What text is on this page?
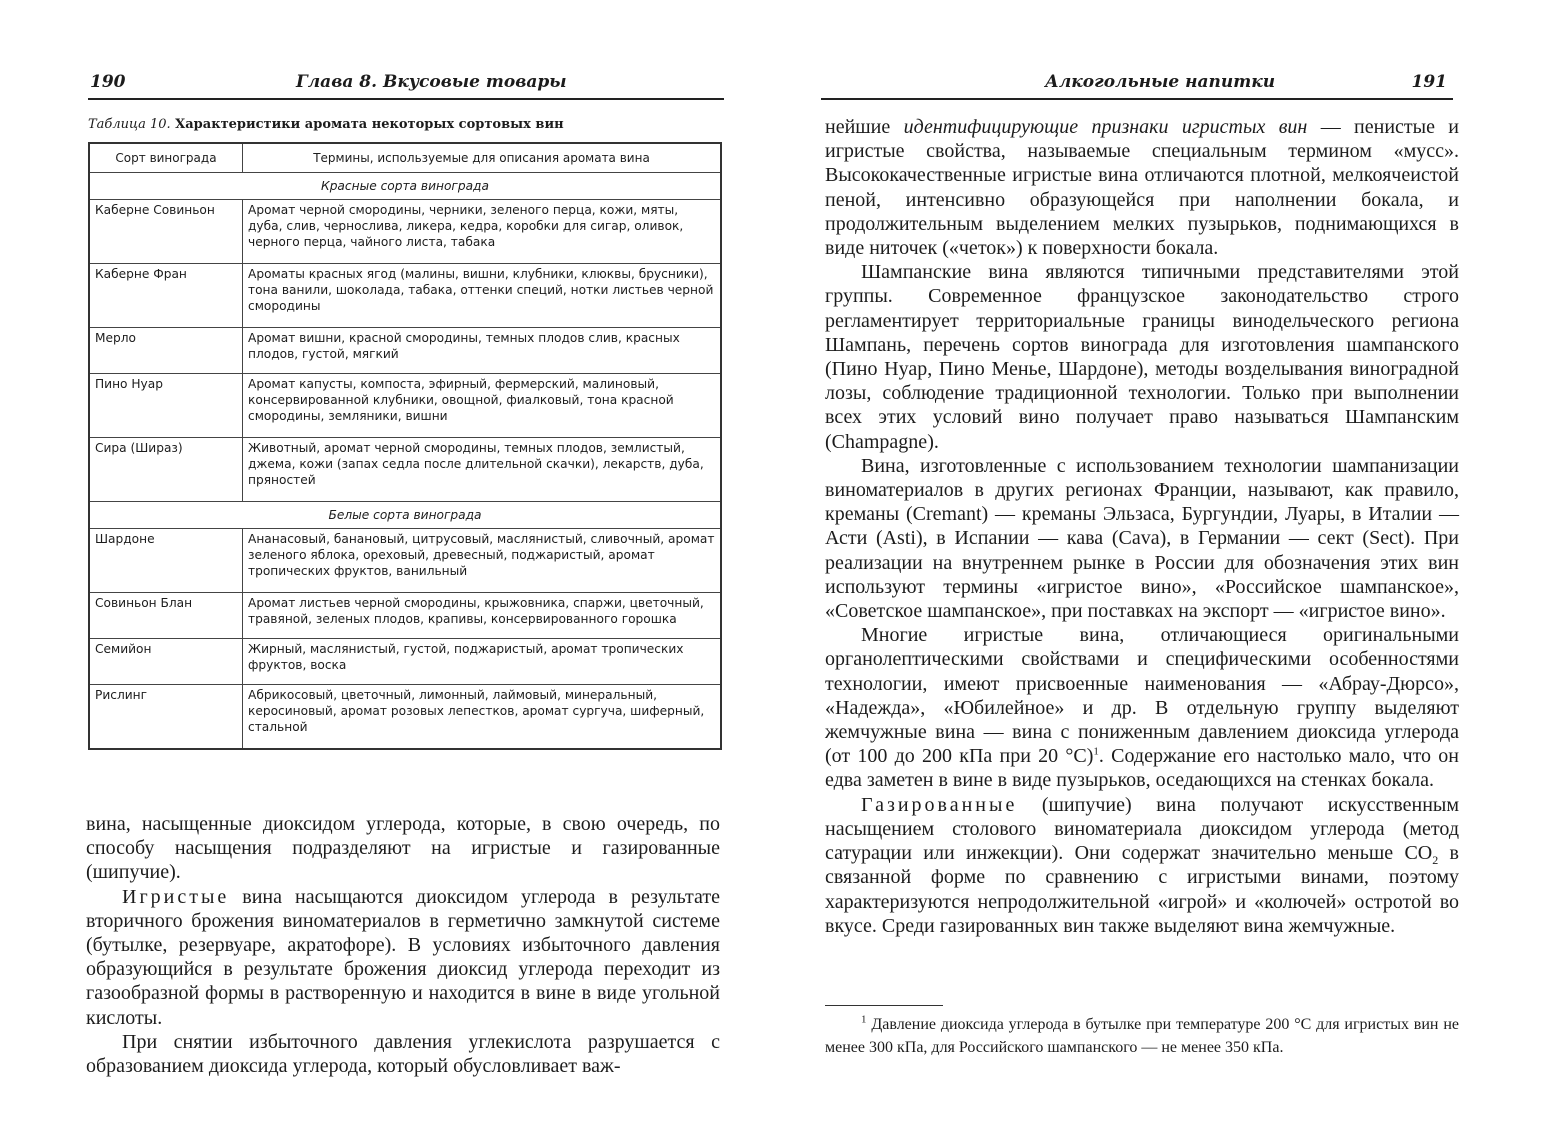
190	Глава 8. Вкусовые товары
Таблица 10. Характеристики аромата некоторых сортовых вин
Сорт винограда	Термины, используемые для описания аромата вина
Красные сорта винограда	
Каберне Совиньон	Аромат черной смородины, черники, зеленого перца, кожи, мяты, дуба, слив, чернослива, ликера, кедра, коробки для сигар, оливок, черного перца, чайного листа, табака
Каберне Фран	Ароматы красных ягод (малины, вишни, клубники, клюквы, брусники), тона ванили, шоколада, табака, оттенки специй, нотки листьев черной смородины
Мерло	Аромат вишни, красной смородины, темных плодов слив, красных плодов, густой, мягкий
Пино Нуар	Аромат капусты, компоста, эфирный, фермерский, малиновый, консервированной клубники, овощной, фиалковый, тона красной смородины, земляники, вишни
Сира (Шираз)	Животный, аромат черной смородины, темных плодов, землистый, джема, кожи (запах седла после длительной скачки), лекарств, дуба, пряностей
Белые сорта винограда	
Шардоне	Ананасовый, банановый, цитрусовый, маслянистый, сливочный, аромат зеленого яблока, ореховый, древесный, поджаристый, аромат тропических фруктов, ванильный
Совиньон Блан	Аромат листьев черной смородины, крыжовника, спаржи, цветочный, травяной, зеленых плодов, крапивы, консервированного горошка
Семийон	Жирный, маслянистый, густой, поджаристый, аромат тропических фруктов, воска
Рислинг	Абрикосовый, цветочный, лимонный, лаймовый, минеральный, керосиновый, аромат розовых лепестков, аромат сургуча, шиферный, стальной

вина, насыщенные диоксидом углерода, которые, в свою очередь, по способу насыщения подразделяют на игристые и газированные (шипучие).

Игристые вина насыщаются диоксидом углерода в результате вторичного брожения виноматериалов в герметично замкнутой системе (бутылке, резервуаре, акратофоре). В условиях избыточного давления образующийся в результате брожения диоксид углерода переходит из газообразной формы в растворенную и находится в вине в виде угольной кислоты.

При снятии избыточного давления углекислота разрушается с образованием диоксида углерода, который обусловливает важ-

Алкогольные напитки	191

нейшие идентифицирующие признаки игристых вин — пенистые и игристые свойства, называемые специальным термином «мусс». Высококачественные игристые вина отличаются плотной, мелкоячеистой пеной, интенсивно образующейся при наполнении бокала, и продолжительным выделением мелких пузырьков, поднимающихся в виде ниточек («четок») к поверхности бокала.

Шампанские вина являются типичными представителями этой группы. Современное французское законодательство строго регламентирует территориальные границы винодельческого региона Шампань, перечень сортов винограда для изготовления шампанского (Пино Нуар, Пино Менье, Шардоне), методы возделывания виноградной лозы, соблюдение традиционной технологии. Только при выполнении всех этих условий вино получает право называться Шампанским (Champagne).

Вина, изготовленные с использованием технологии шампанизации виноматериалов в других регионах Франции, называют, как правило, креманы (Cremant) — креманы Эльзаса, Бургундии, Луары, в Италии — Асти (Asti), в Испании — кава (Cava), в Германии — сект (Sect). При реализации на внутреннем рынке в России для обозначения этих вин используют термины «игристое вино», «Российское шампанское», «Советское шампанское», при поставках на экспорт — «игристое вино».

Многие игристые вина, отличающиеся оригинальными органолептическими свойствами и специфическими особенностями технологии, имеют присвоенные наименования — «Абрау-Дюрсо», «Надежда», «Юбилейное» и др. В отдельную группу выделяют жемчужные вина — вина с пониженным давлением диоксида углерода (от 100 до 200 кПа при 20 °С)$^1$. Содержание его настолько мало, что он едва заметен в вине в виде пузырьков, оседающихся на стенках бокала.

Газированные (шипучие) вина получают искусственным насыщением столового виноматериала диоксидом углерода (метод сатурации или инжекции). Они содержат значительно меньше $СО_2$ в связанной форме по сравнению с игристыми винами, поэтому характеризуются непродолжительной «игрой» и «колючей» остротой во вкусе. Среди газированных вин также выделяют вина жемчужные.

$^1$ Давление диоксида углерода в бутылке при температуре 200 °С для игристых вин не менее 300 кПа, для Российского шампанского — не менее 350 кПа.
